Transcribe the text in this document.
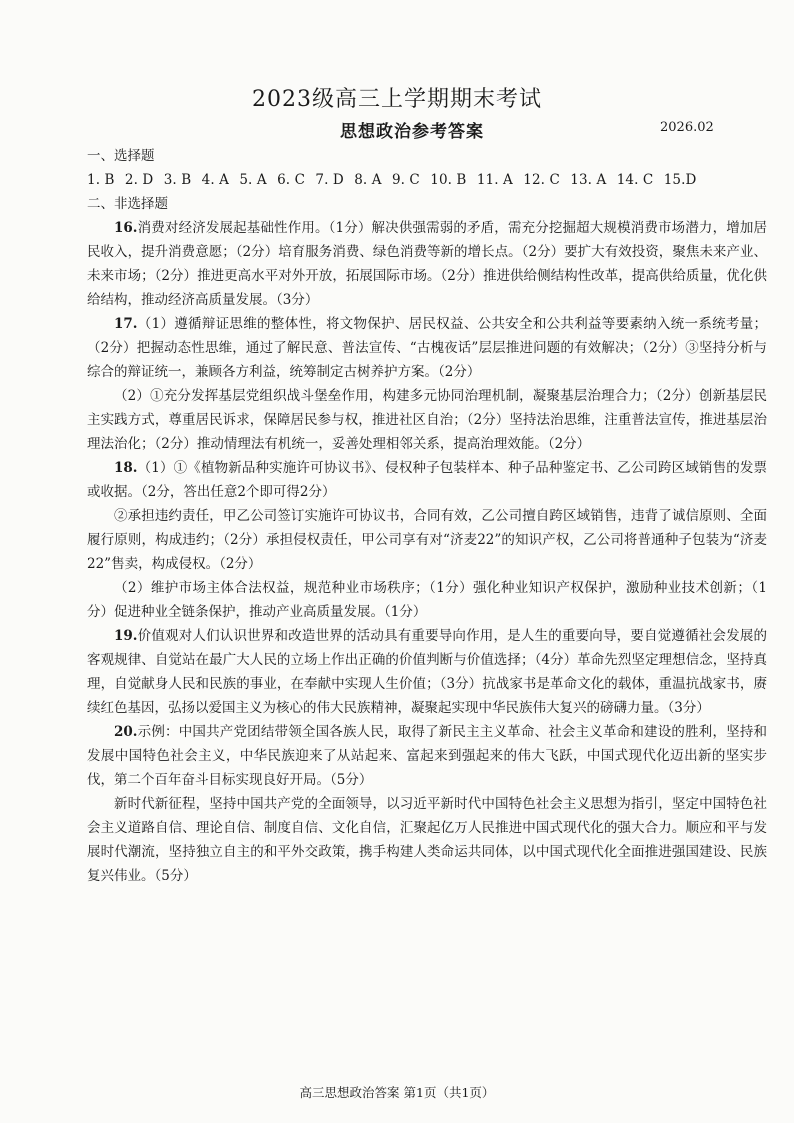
2023级高三上学期期末考试
思想政治参考答案	2026.02
一、选择题
1. B 2. D 3. B 4. A 5. A 6. C 7. D 8. A 9. C 10. B 11. A 12. C 13. A 14. C 15.D
二、非选择题

16.消费对经济发展起基础性作用。（1分）解决供强需弱的矛盾，需充分挖掘超大规模消费市场潜力，增加居民收入，提升消费意愿；（2分）培育服务消费、绿色消费等新的增长点。（2分）要扩大有效投资，聚焦未来产业、未来市场；（2分）推进更高水平对外开放，拓展国际市场。（2分）推进供给侧结构性改革，提高供给质量，优化供给结构，推动经济高质量发展。（3分）

17.（1）遵循辩证思维的整体性，将文物保护、居民权益、公共安全和公共利益等要素纳入统一系统考量；（2分）把握动态性思维，通过了解民意、普法宣传、“古槐夜话”层层推进问题的有效解决；（2分）③坚持分析与综合的辩证统一，兼顾各方利益，统筹制定古树养护方案。（2分）

（2）①充分发挥基层党组织战斗堡垒作用，构建多元协同治理机制，凝聚基层治理合力；（2分）创新基层民主实践方式，尊重居民诉求，保障居民参与权，推进社区自治；（2分）坚持法治思维，注重普法宣传，推进基层治理法治化；（2分）推动情理法有机统一，妥善处理相邻关系，提高治理效能。（2分）

18.（1）①《植物新品种实施许可协议书》、侵权种子包装样本、种子品种鉴定书、乙公司跨区域销售的发票或收据。（2分，答出任意2个即可得2分）

②承担违约责任，甲乙公司签订实施许可协议书，合同有效，乙公司擅自跨区域销售，违背了诚信原则、全面履行原则，构成违约；（2分）承担侵权责任，甲公司享有对“济麦22”的知识产权，乙公司将普通种子包装为“济麦22”售卖，构成侵权。（2分）

（2）维护市场主体合法权益，规范种业市场秩序；（1分）强化种业知识产权保护，激励种业技术创新；（1分）促进种业全链条保护，推动产业高质量发展。（1分）

19.价值观对人们认识世界和改造世界的活动具有重要导向作用，是人生的重要向导，要自觉遵循社会发展的客观规律、自觉站在最广大人民的立场上作出正确的价值判断与价值选择；（4分）革命先烈坚定理想信念，坚持真理，自觉献身人民和民族的事业，在奉献中实现人生价值；（3分）抗战家书是革命文化的载体，重温抗战家书，赓续红色基因，弘扬以爱国主义为核心的伟大民族精神，凝聚起实现中华民族伟大复兴的磅礴力量。（3分）

20.示例：中国共产党团结带领全国各族人民，取得了新民主主义革命、社会主义革命和建设的胜利，坚持和发展中国特色社会主义，中华民族迎来了从站起来、富起来到强起来的伟大飞跃，中国式现代化迈出新的坚实步伐，第二个百年奋斗目标实现良好开局。（5分）

新时代新征程，坚持中国共产党的全面领导，以习近平新时代中国特色社会主义思想为指引，坚定中国特色社会主义道路自信、理论自信、制度自信、文化自信，汇聚起亿万人民推进中国式现代化的强大合力。顺应和平与发展时代潮流，坚持独立自主的和平外交政策，携手构建人类命运共同体，以中国式现代化全面推进强国建设、民族复兴伟业。（5分）

高三思想政治答案 第1页（共1页）
